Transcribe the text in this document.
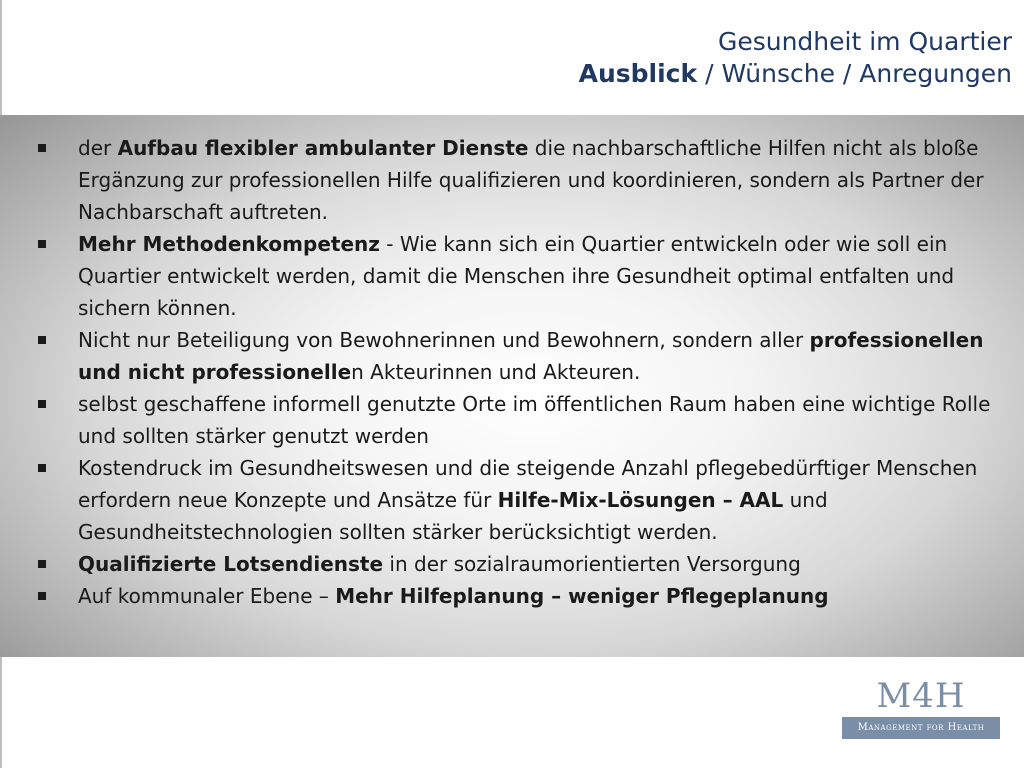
Gesundheit im Quartier
Ausblick / Wünsche / Anregungen
der Aufbau flexibler ambulanter Dienste die nachbarschaftliche Hilfen nicht als bloße Ergänzung zur professionellen Hilfe qualifizieren und koordinieren, sondern als Partner der Nachbarschaft auftreten.
Mehr Methodenkompetenz - Wie kann sich ein Quartier entwickeln oder wie soll ein Quartier entwickelt werden, damit die Menschen ihre Gesundheit optimal entfalten und sichern können.
Nicht nur Beteiligung von Bewohnerinnen und Bewohnern, sondern aller professionellen und nicht professionellen Akteurinnen und Akteuren.
selbst geschaffene informell genutzte Orte im öffentlichen Raum haben eine wichtige Rolle und sollten stärker genutzt werden
Kostendruck im Gesundheitswesen und die steigende Anzahl pflegebedürftiger Menschen erfordern neue Konzepte und Ansätze für Hilfe-Mix-Lösungen – AAL und Gesundheitstechnologien sollten stärker berücksichtigt werden.
Qualifizierte Lotsendienste in der sozialraumorientierten Versorgung
Auf kommunaler Ebene – Mehr Hilfeplanung – weniger Pflegeplanung
M4H
Management for Health
